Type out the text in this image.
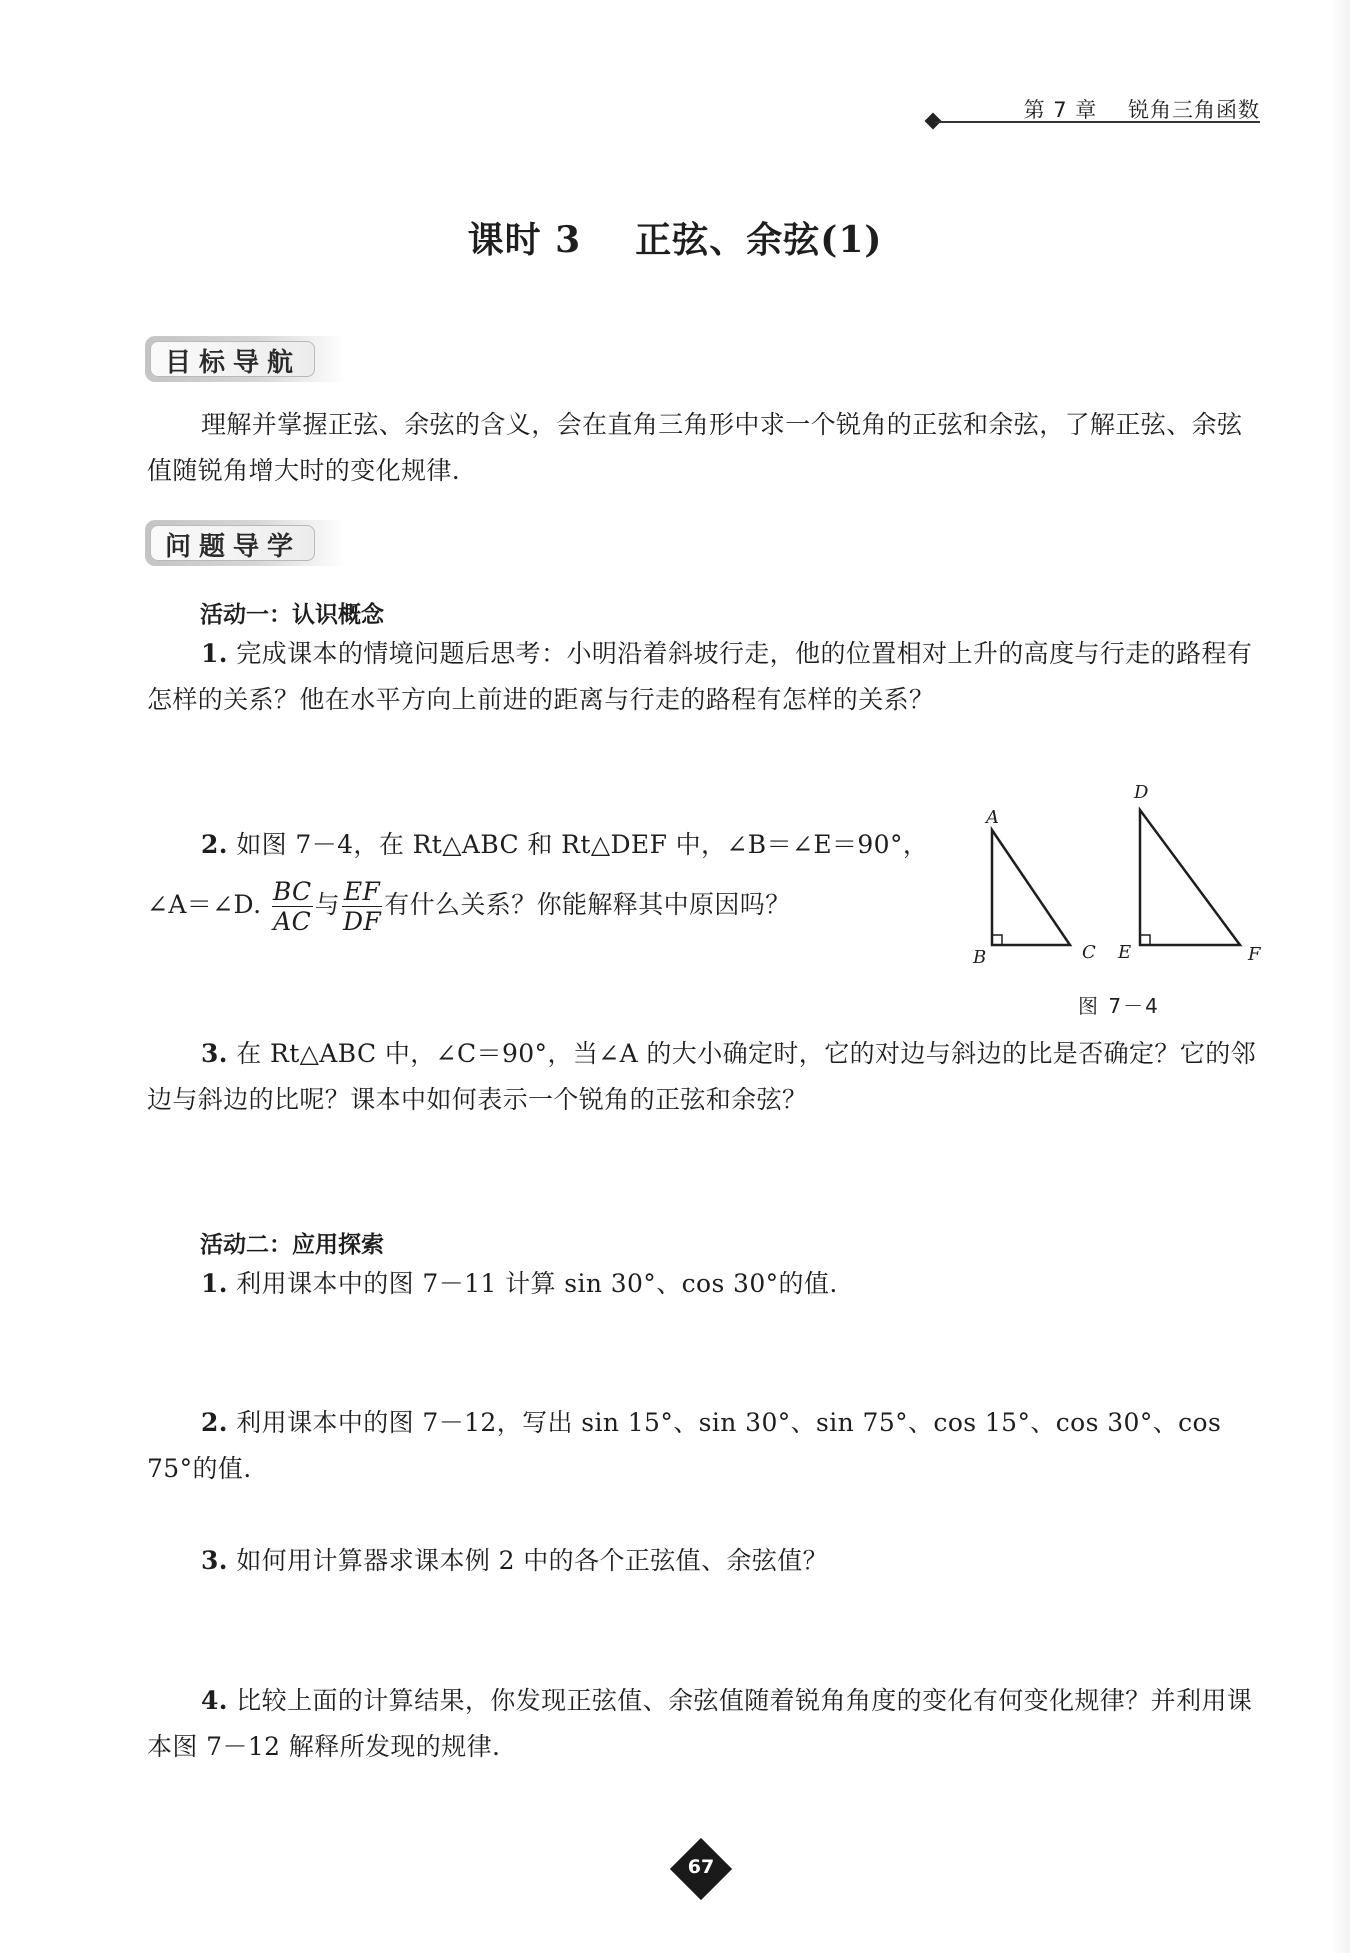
第 7 章    锐角三角函数
课时 3    正弦、余弦(1)
目标导航
理解并掌握正弦、余弦的含义，会在直角三角形中求一个锐角的正弦和余弦，了解正弦、余弦值随锐角增大时的变化规律.
问题导学
活动一：认识概念
1. 完成课本的情境问题后思考：小明沿着斜坡行走，他的位置相对上升的高度与行走的路程有怎样的关系？他在水平方向上前进的距离与行走的路程有怎样的关系？
2. 如图 7－4，在 Rt△ABC 和 Rt△DEF 中，∠B＝∠E＝90°，
∠A＝∠D. $\frac{BC}{AC}$ 与 $\frac{EF}{DF}$ 有什么关系？你能解释其中原因吗？
A
B	C
D
E	F
图 7－4
3. 在 Rt△ABC 中，∠C＝90°，当∠A 的大小确定时，它的对边与斜边的比是否确定？它的邻边与斜边的比呢？课本中如何表示一个锐角的正弦和余弦？
活动二：应用探索
1. 利用课本中的图 7－11 计算 sin 30°、cos 30°的值.
2. 利用课本中的图 7－12，写出 sin 15°、sin 30°、sin 75°、cos 15°、cos 30°、cos 75°的值.
3. 如何用计算器求课本例 2 中的各个正弦值、余弦值？
4. 比较上面的计算结果，你发现正弦值、余弦值随着锐角角度的变化有何变化规律？并利用课本图 7－12 解释所发现的规律.
67
